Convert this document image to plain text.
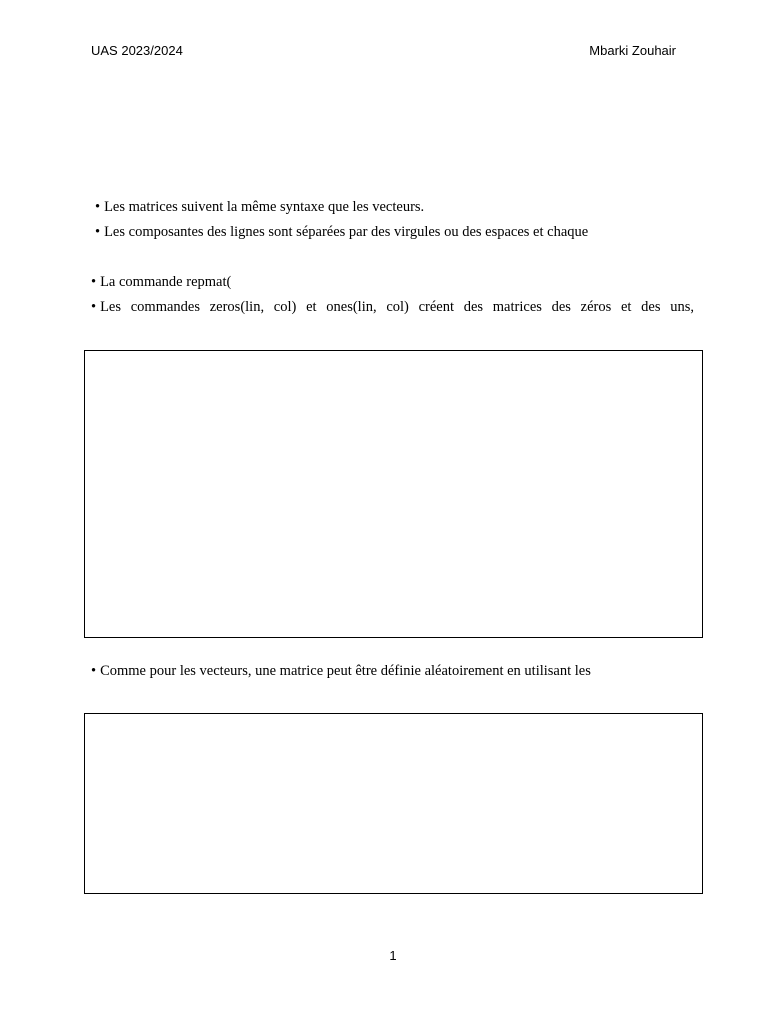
UAS 2023/2024	Mbarki Zouhair
• Les matrices suivent la même syntaxe que les vecteurs.
• Les composantes des lignes sont séparées par des virgules ou des espaces et chaque
• La commande repmat(
• Les commandes zeros(lin, col) et ones(lin, col) créent des matrices des zéros et des uns,
• Comme pour les vecteurs, une matrice peut être définie aléatoirement en utilisant les
1
